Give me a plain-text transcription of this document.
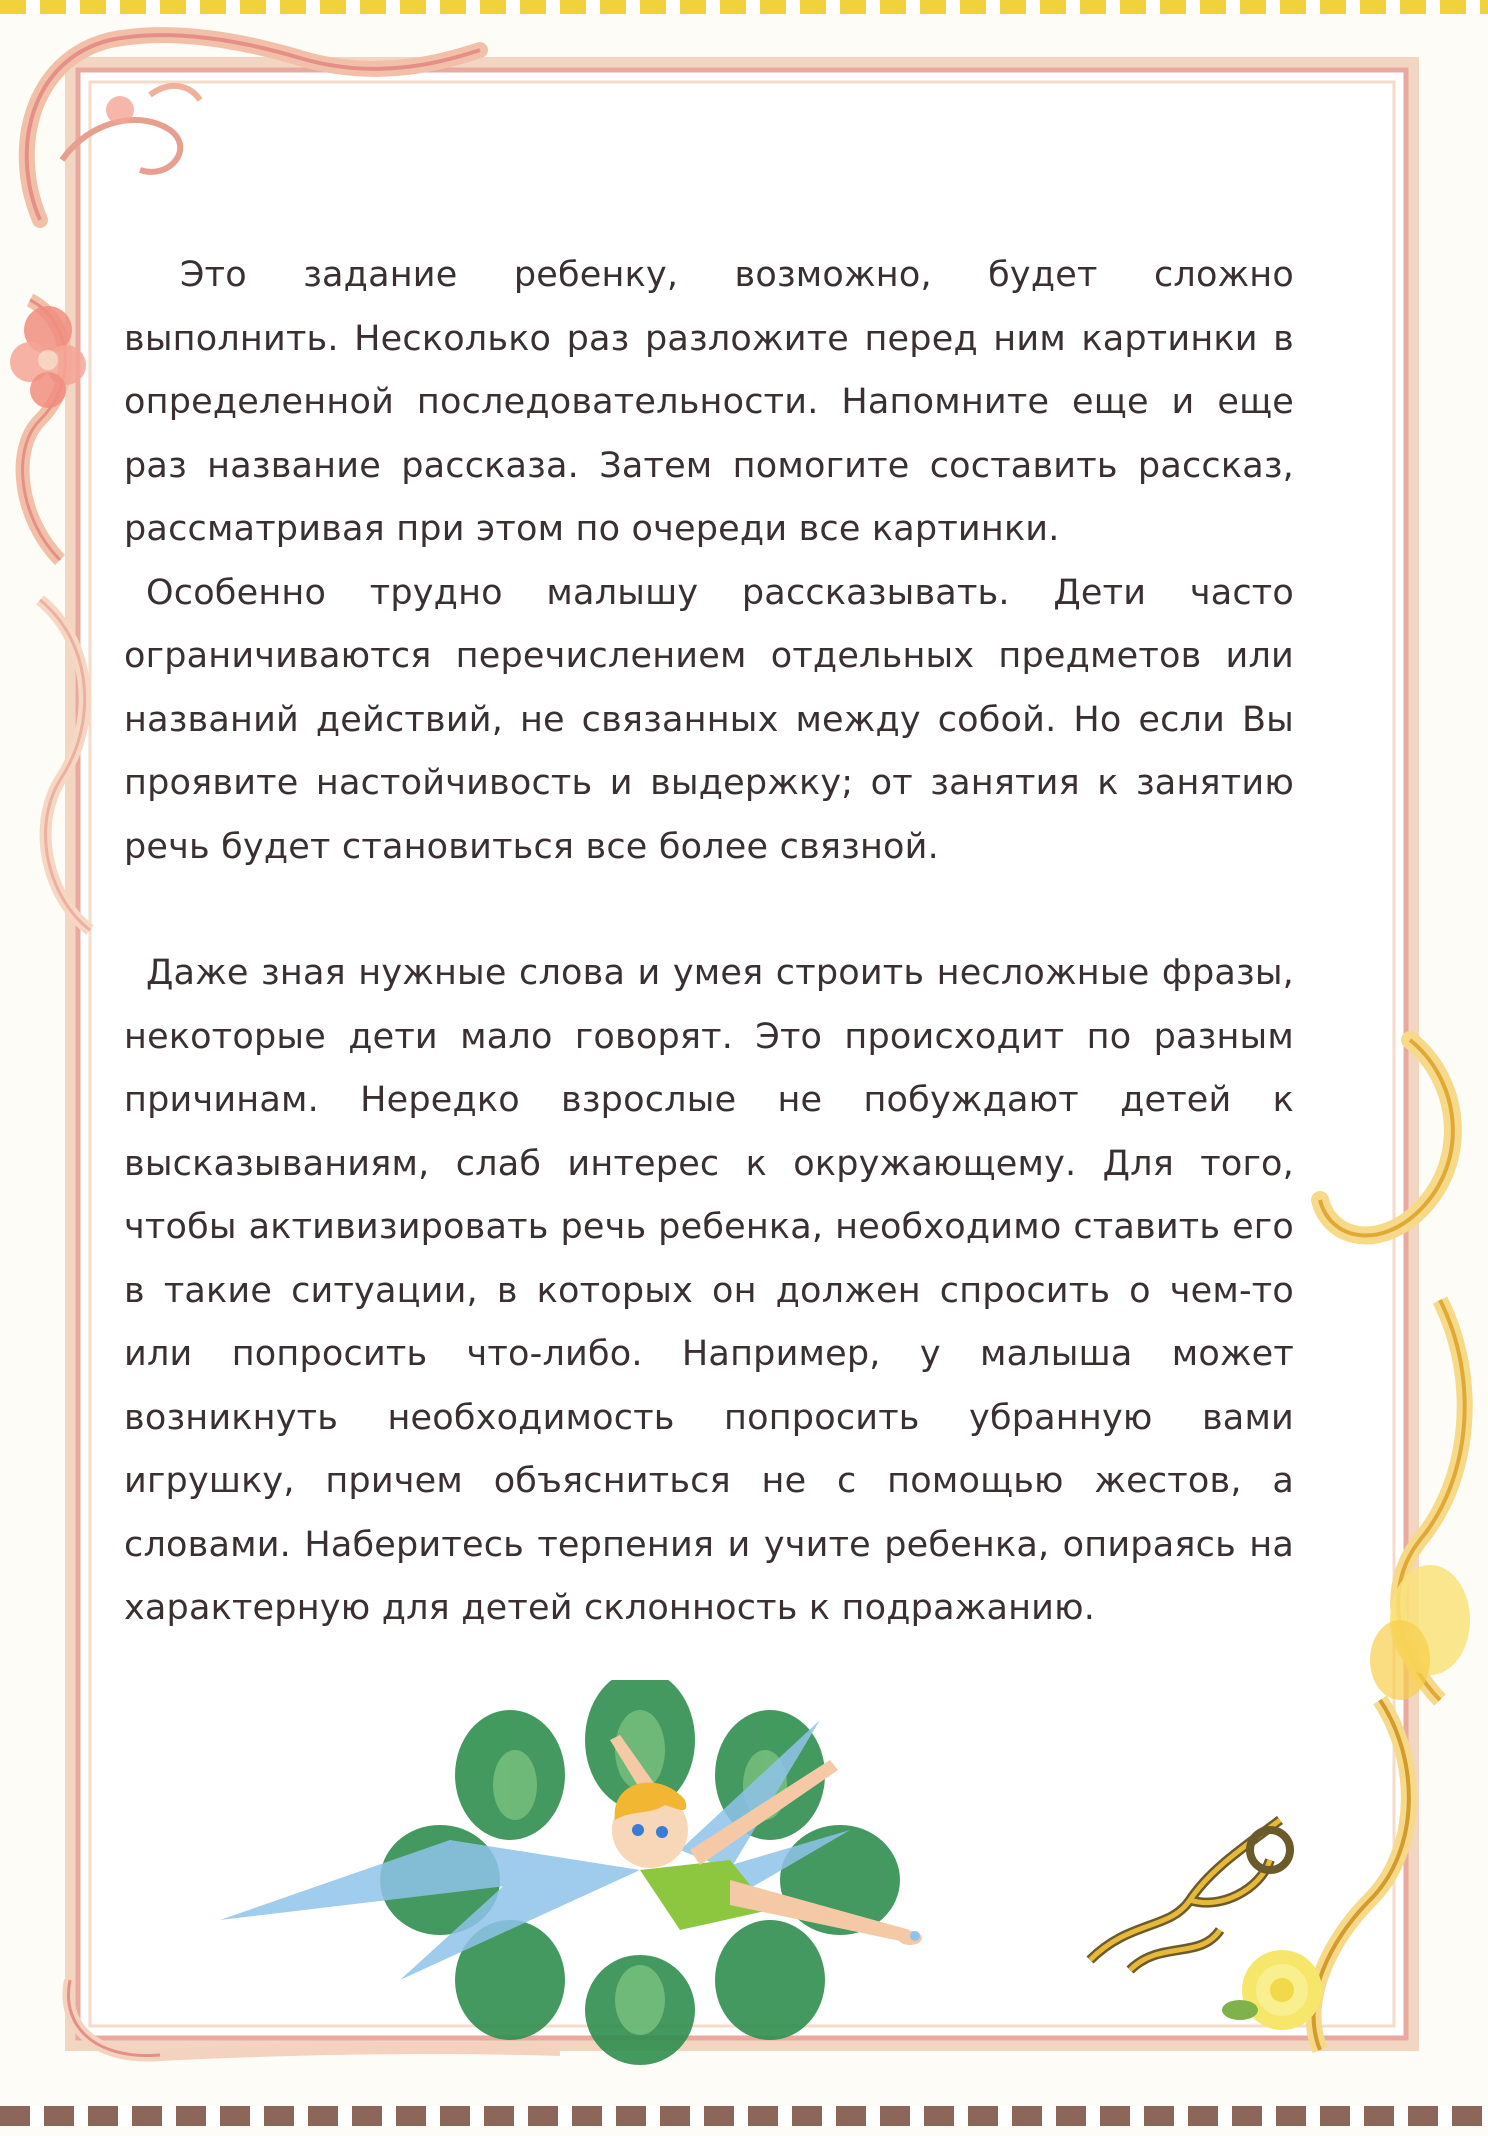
Это задание ребенку, возможно, будет сложно выполнить. Несколько раз разложите перед ним картинки в определенной последовательности. Напомните еще и еще раз название рассказа. Затем помогите составить рассказ, рассматривая при этом по очереди все картинки.

Особенно трудно малышу рассказывать. Дети часто ограничиваются перечислением отдельных предметов или названий действий, не связанных между собой. Но если Вы проявите настойчивость и выдержку; от занятия к занятию речь будет становиться все более связной.

Даже зная нужные слова и умея строить несложные фразы, некоторые дети мало говорят. Это происходит по разным причинам. Нередко взрослые не побуждают детей к высказываниям, слаб интерес к окружающему. Для того, чтобы активизировать речь ребенка, необходимо ставить его в такие ситуации, в которых он должен спросить о чем-то или попросить что-либо. Например, у малыша может возникнуть необходимость попросить убранную вами игрушку, причем объясниться не с помощью жестов, а словами. Наберитесь терпения и учите ребенка, опираясь на характерную для детей склонность к подражанию.
